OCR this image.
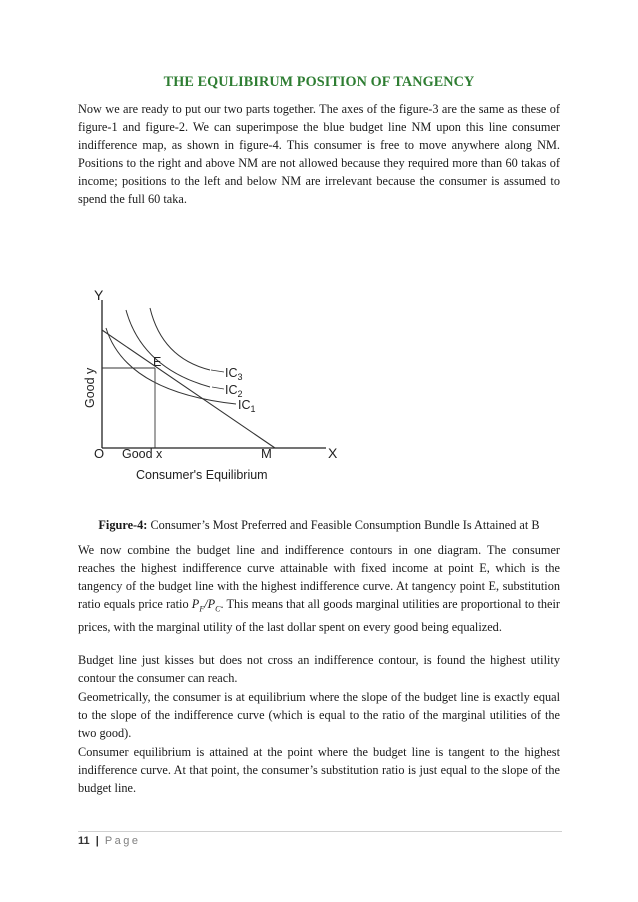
THE EQULIBIRUM POSITION OF TANGENCY

Now we are ready to put our two parts together. The axes of the figure-3 are the same as these of figure-1 and figure-2. We can superimpose the blue budget line NM upon this line consumer indifference map, as shown in figure-4. This consumer is free to move anywhere along NM. Positions to the right and above NM are not allowed because they required more than 60 takas of income; positions to the left and below NM are irrelevant because the consumer is assumed to spend the full 60 taka.

Y
X
O Good x	M
E
Good y	$IC_3$
$IC_2$
$IC_1$
Consumer's Equilibrium
Figure-4: Consumer’s Most Preferred and Feasible Consumption Bundle Is Attained at B

We now combine the budget line and indifference contours in one diagram. The consumer reaches the highest indifference curve attainable with fixed income at point E, which is the tangency of the budget line with the highest indifference curve. At tangency point E, substitution ratio equals price ratio $P_F/P_C$. This means that all goods marginal utilities are proportional to their prices, with the marginal utility of the last dollar spent on every good being equalized.

Budget line just kisses but does not cross an indifference contour, is found the highest utility contour the consumer can reach.

Geometrically, the consumer is at equilibrium where the slope of the budget line is exactly equal to the slope of the indifference curve (which is equal to the ratio of the marginal utilities of the two good).

Consumer equilibrium is attained at the point where the budget line is tangent to the highest indifference curve. At that point, the consumer’s substitution ratio is just equal to the slope of the budget line.

11 | Page
